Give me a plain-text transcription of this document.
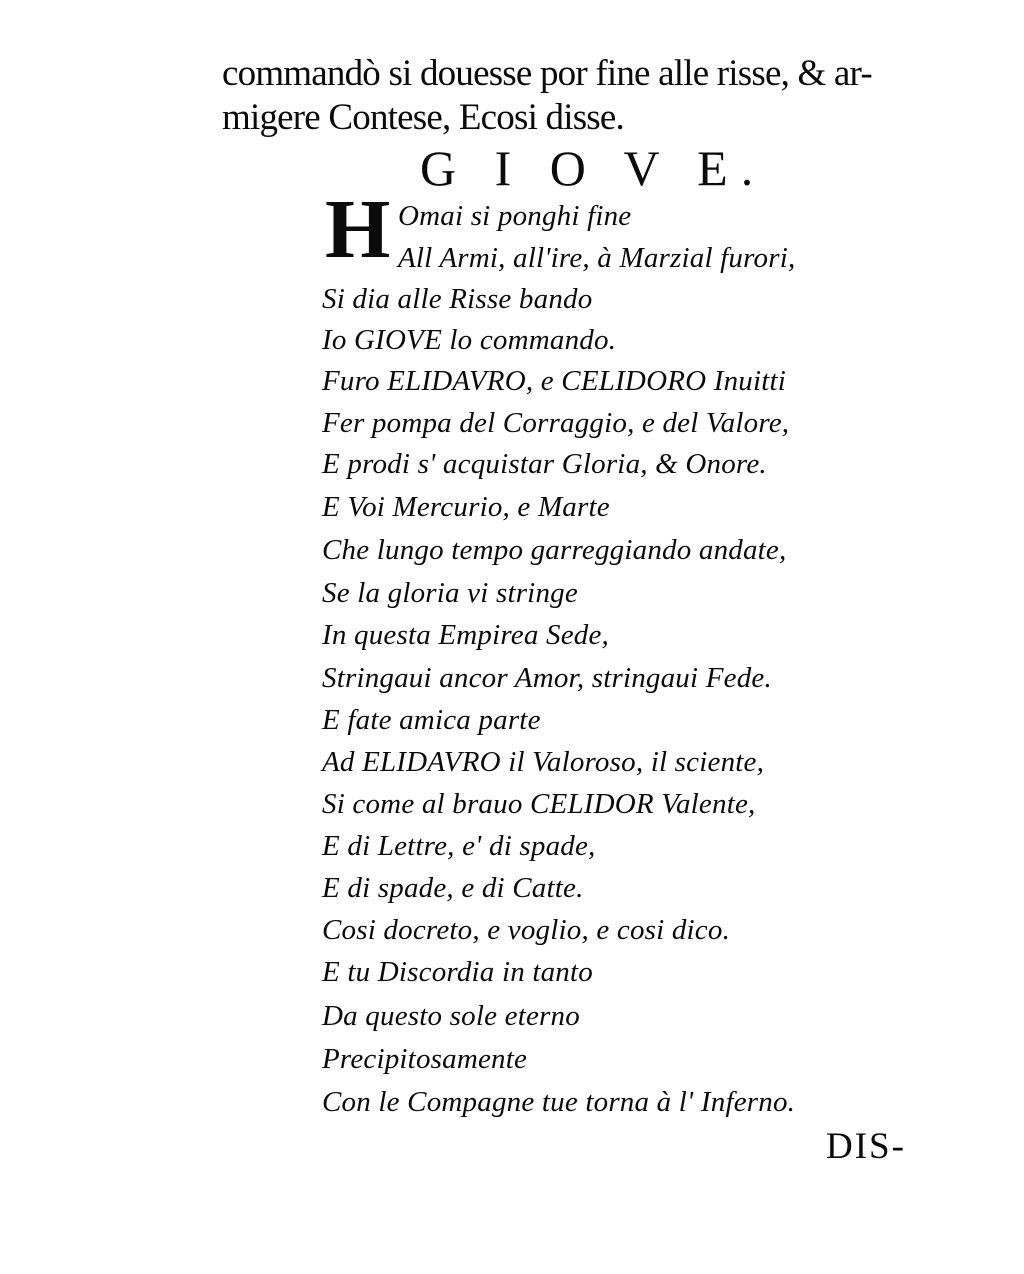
commandò si douesse por fine alle risse, & ar-
migere Contese, Ecosi disse.
G I O V E.
H Omai si ponghi fine
All Armi, all'ire, à Marzial furori,
Si dia alle Risse bando
Io GIOVE lo commando.
Furo ELIDAVRO, e CELIDORO Inuitti
Fer pompa del Corraggio, e del Valore,
E prodi s' acquistar Gloria, & Onore.
E Voi Mercurio, e Marte
Che lungo tempo garreggiando andate,
Se la gloria vi stringe
In questa Empirea Sede,
Stringaui ancor Amor, stringaui Fede.
E fate amica parte
Ad ELIDAVRO il Valoroso, il sciente,
Si come al brauo CELIDOR Valente,
E di Lettre, e' di spade,
E di spade, e di Catte.
Cosi docreto, e voglio, e cosi dico.
E tu Discordia in tanto
Da questo sole eterno
Precipitosamente
Con le Compagne tue torna à l' Inferno.
DIS-
